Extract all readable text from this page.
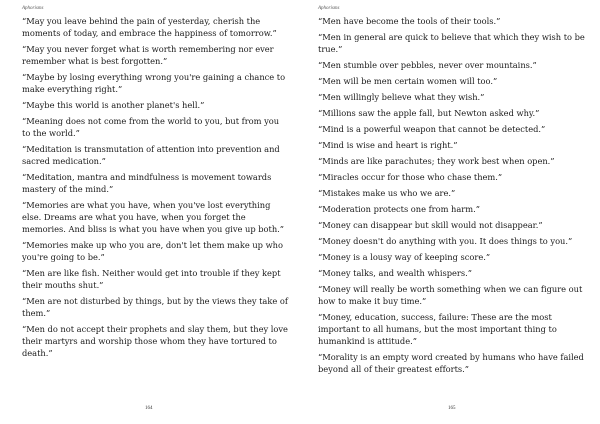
Aphorisms
“May you leave behind the pain of yesterday, cherish the moments of today, and embrace the happiness of tomorrow.”
“May you never forget what is worth remembering nor ever remember what is best forgotten.”
“Maybe by losing everything wrong you're gaining a chance to make everything right.”
“Maybe this world is another planet's hell.”
“Meaning does not come from the world to you, but from you to the world.”
“Meditation is transmutation of attention into prevention and sacred medication.”
“Meditation, mantra and mindfulness is movement towards mastery of the mind.”
“Memories are what you have, when you've lost everything else. Dreams are what you have, when you forget the memories. And bliss is what you have when you give up both.”
“Memories make up who you are, don't let them make up who you're going to be.”
“Men are like fish. Neither would get into trouble if they kept their mouths shut.”
“Men are not disturbed by things, but by the views they take of them.”
“Men do not accept their prophets and slay them, but they love their martyrs and worship those whom they have tortured to death.”
164
Aphorisms
“Men have become the tools of their tools.”
“Men in general are quick to believe that which they wish to be true.”
“Men stumble over pebbles, never over mountains.”
“Men will be men certain women will too.”
“Men willingly believe what they wish.”
“Millions saw the apple fall, but Newton asked why.”
“Mind is a powerful weapon that cannot be detected.”
“Mind is wise and heart is right.”
“Minds are like parachutes; they work best when open.”
“Miracles occur for those who chase them.”
“Mistakes make us who we are.”
“Moderation protects one from harm.”
“Money can disappear but skill would not disappear.”
“Money doesn't do anything with you. It does things to you.”
“Money is a lousy way of keeping score.”
“Money talks, and wealth whispers.”
“Money will really be worth something when we can figure out how to make it buy time.”
“Money, education, success, failure: These are the most important to all humans, but the most important thing to humankind is attitude.”
“Morality is an empty word created by humans who have failed beyond all of their greatest efforts.”
165
